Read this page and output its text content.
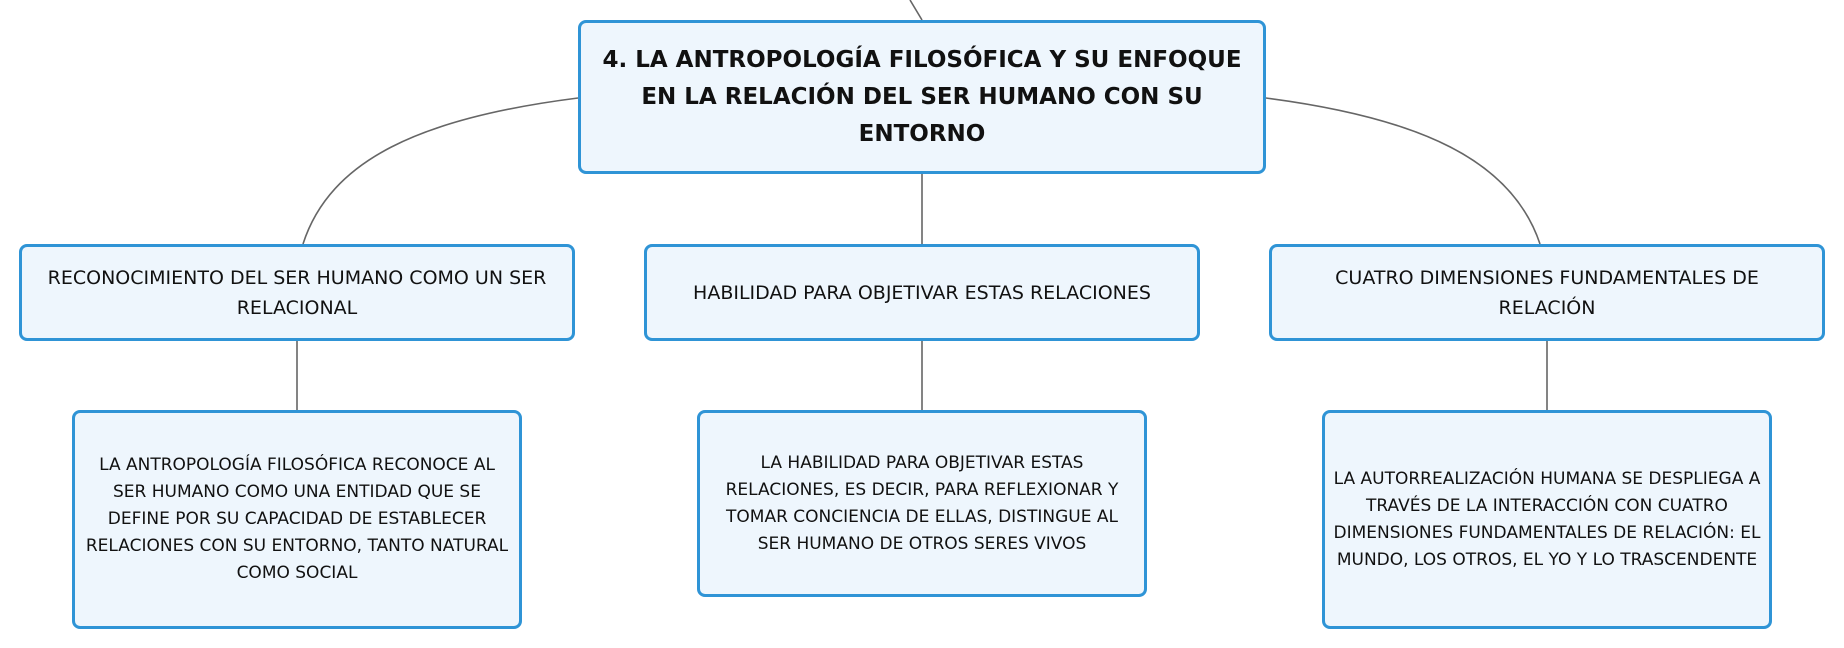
4. LA ANTROPOLOGÍA FILOSÓFICA Y SU ENFOQUE EN LA RELACIÓN DEL SER HUMANO CON SU ENTORNO
RECONOCIMIENTO DEL SER HUMANO COMO UN SER RELACIONAL
HABILIDAD PARA OBJETIVAR ESTAS RELACIONES
CUATRO DIMENSIONES FUNDAMENTALES DE RELACIÓN
LA ANTROPOLOGÍA FILOSÓFICA RECONOCE AL SER HUMANO COMO UNA ENTIDAD QUE SE DEFINE POR SU CAPACIDAD DE ESTABLECER RELACIONES CON SU ENTORNO, TANTO NATURAL COMO SOCIAL
LA HABILIDAD PARA OBJETIVAR ESTAS RELACIONES, ES DECIR, PARA REFLEXIONAR Y TOMAR CONCIENCIA DE ELLAS, DISTINGUE AL SER HUMANO DE OTROS SERES VIVOS
LA AUTORREALIZACIÓN HUMANA SE DESPLIEGA A TRAVÉS DE LA INTERACCIÓN CON CUATRO DIMENSIONES FUNDAMENTALES DE RELACIÓN: EL MUNDO, LOS OTROS, EL YO Y LO TRASCENDENTE
